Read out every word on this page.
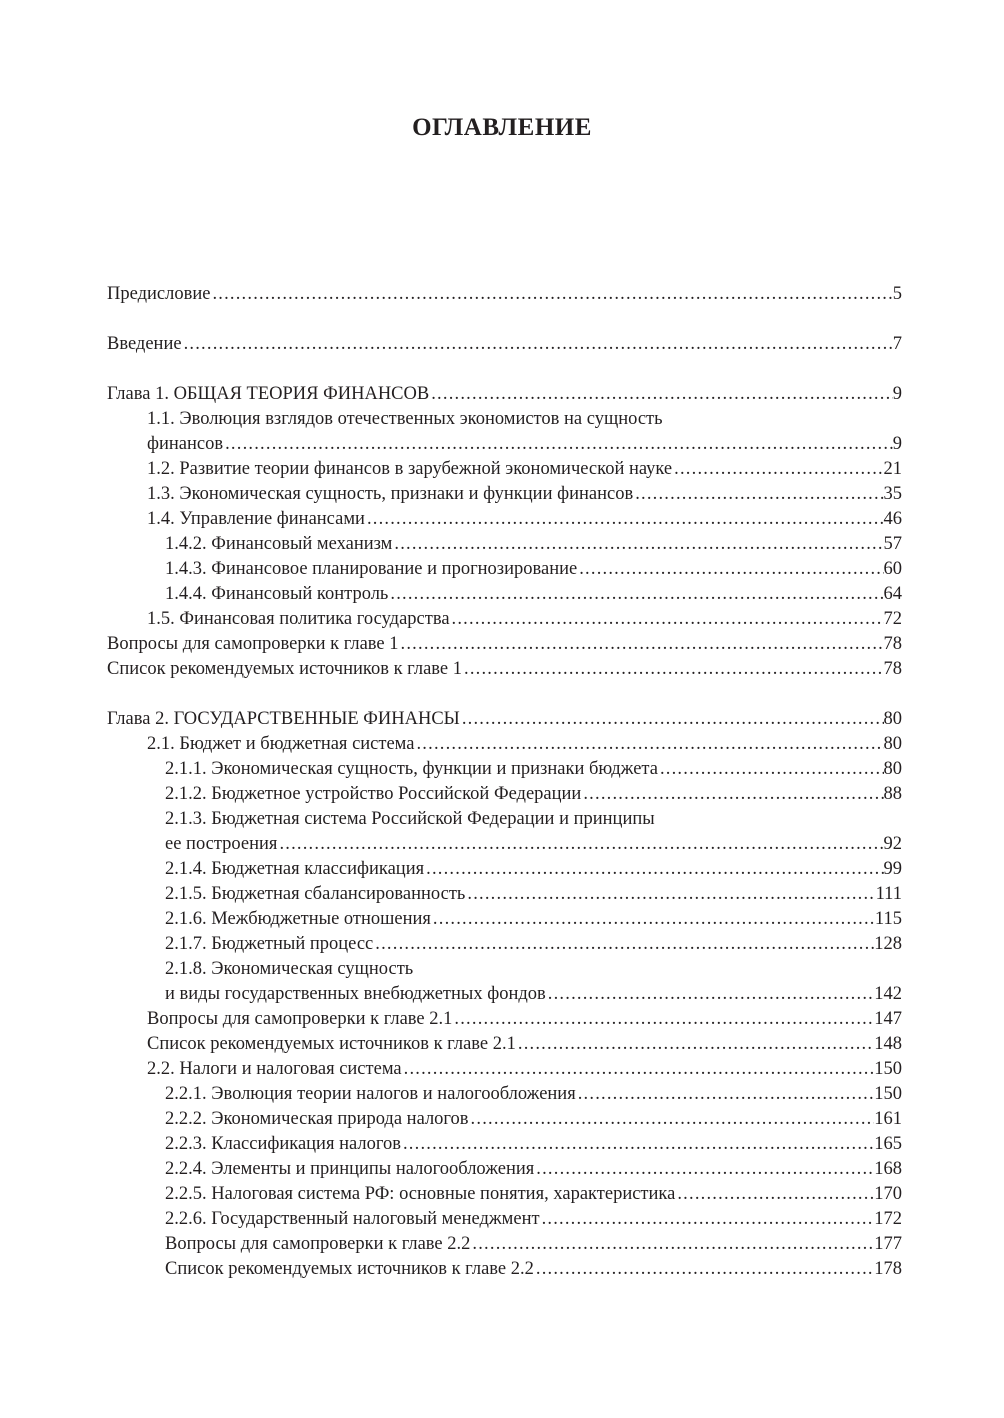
ОГЛАВЛЕНИЕ
Предисловие .....	5
Введение .....	7
Глава 1. ОБЩАЯ ТЕОРИЯ ФИНАНСОВ .....	9
1.1. Эволюция взглядов отечественных экономистов на сущность
финансов .....	9
1.2. Развитие теории финансов в зарубежной экономической науке .....	21
1.3. Экономическая сущность, признаки и функции финансов .....	35
1.4. Управление финансами .....	46
1.4.2. Финансовый механизм .....	57
1.4.3. Финансовое планирование и прогнозирование .....	60
1.4.4. Финансовый контроль .....	64
1.5. Финансовая политика государства .....	72
Вопросы для самопроверки к главе 1 .....	78
Список рекомендуемых источников к главе 1 .....	78
Глава 2. ГОСУДАРСТВЕННЫЕ ФИНАНСЫ .....	80
2.1. Бюджет и бюджетная система .....	80
2.1.1. Экономическая сущность, функции и признаки бюджета .....	80
2.1.2. Бюджетное устройство Российской Федерации .....	88
2.1.3. Бюджетная система Российской Федерации и принципы
ее построения .....	92
2.1.4. Бюджетная классификация .....	99
2.1.5. Бюджетная сбалансированность .....	111
2.1.6. Межбюджетные отношения .....	115
2.1.7. Бюджетный процесс .....	128
2.1.8. Экономическая сущность
и виды государственных внебюджетных фондов .....	142
Вопросы для самопроверки к главе 2.1 .....	147
Список рекомендуемых источников к главе 2.1 .....	148
2.2. Налоги и налоговая система .....	150
2.2.1. Эволюция теории налогов и налогообложения .....	150
2.2.2. Экономическая природа налогов .....	161
2.2.3. Классификация налогов .....	165
2.2.4. Элементы и принципы налогообложения .....	168
2.2.5. Налоговая система РФ: основные понятия, характеристика .....	170
2.2.6. Государственный налоговый менеджмент .....	172
Вопросы для самопроверки к главе 2.2 .....	177
Список рекомендуемых источников к главе 2.2 .....	178
